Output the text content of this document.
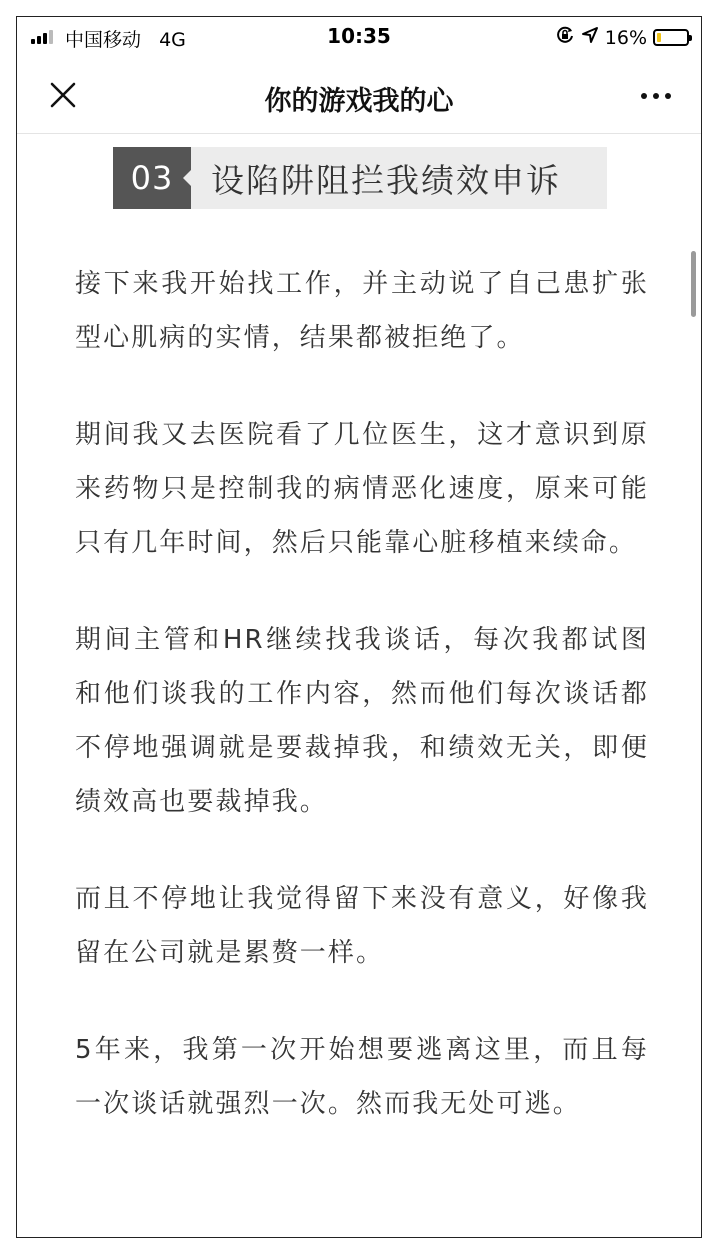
中国移动 4G	10:35	16%
你的游戏我的心
03	设陷阱阻拦我绩效申诉

接下来我开始找工作，并主动说了自己患扩张型心肌病的实情，结果都被拒绝了。

期间我又去医院看了几位医生，这才意识到原来药物只是控制我的病情恶化速度，原来可能只有几年时间，然后只能靠心脏移植来续命。

期间主管和HR继续找我谈话，每次我都试图和他们谈我的工作内容，然而他们每次谈话都不停地强调就是要裁掉我，和绩效无关，即便绩效高也要裁掉我。

而且不停地让我觉得留下来没有意义，好像我留在公司就是累赘一样。

5年来，我第一次开始想要逃离这里，而且每一次谈话就强烈一次。然而我无处可逃。
